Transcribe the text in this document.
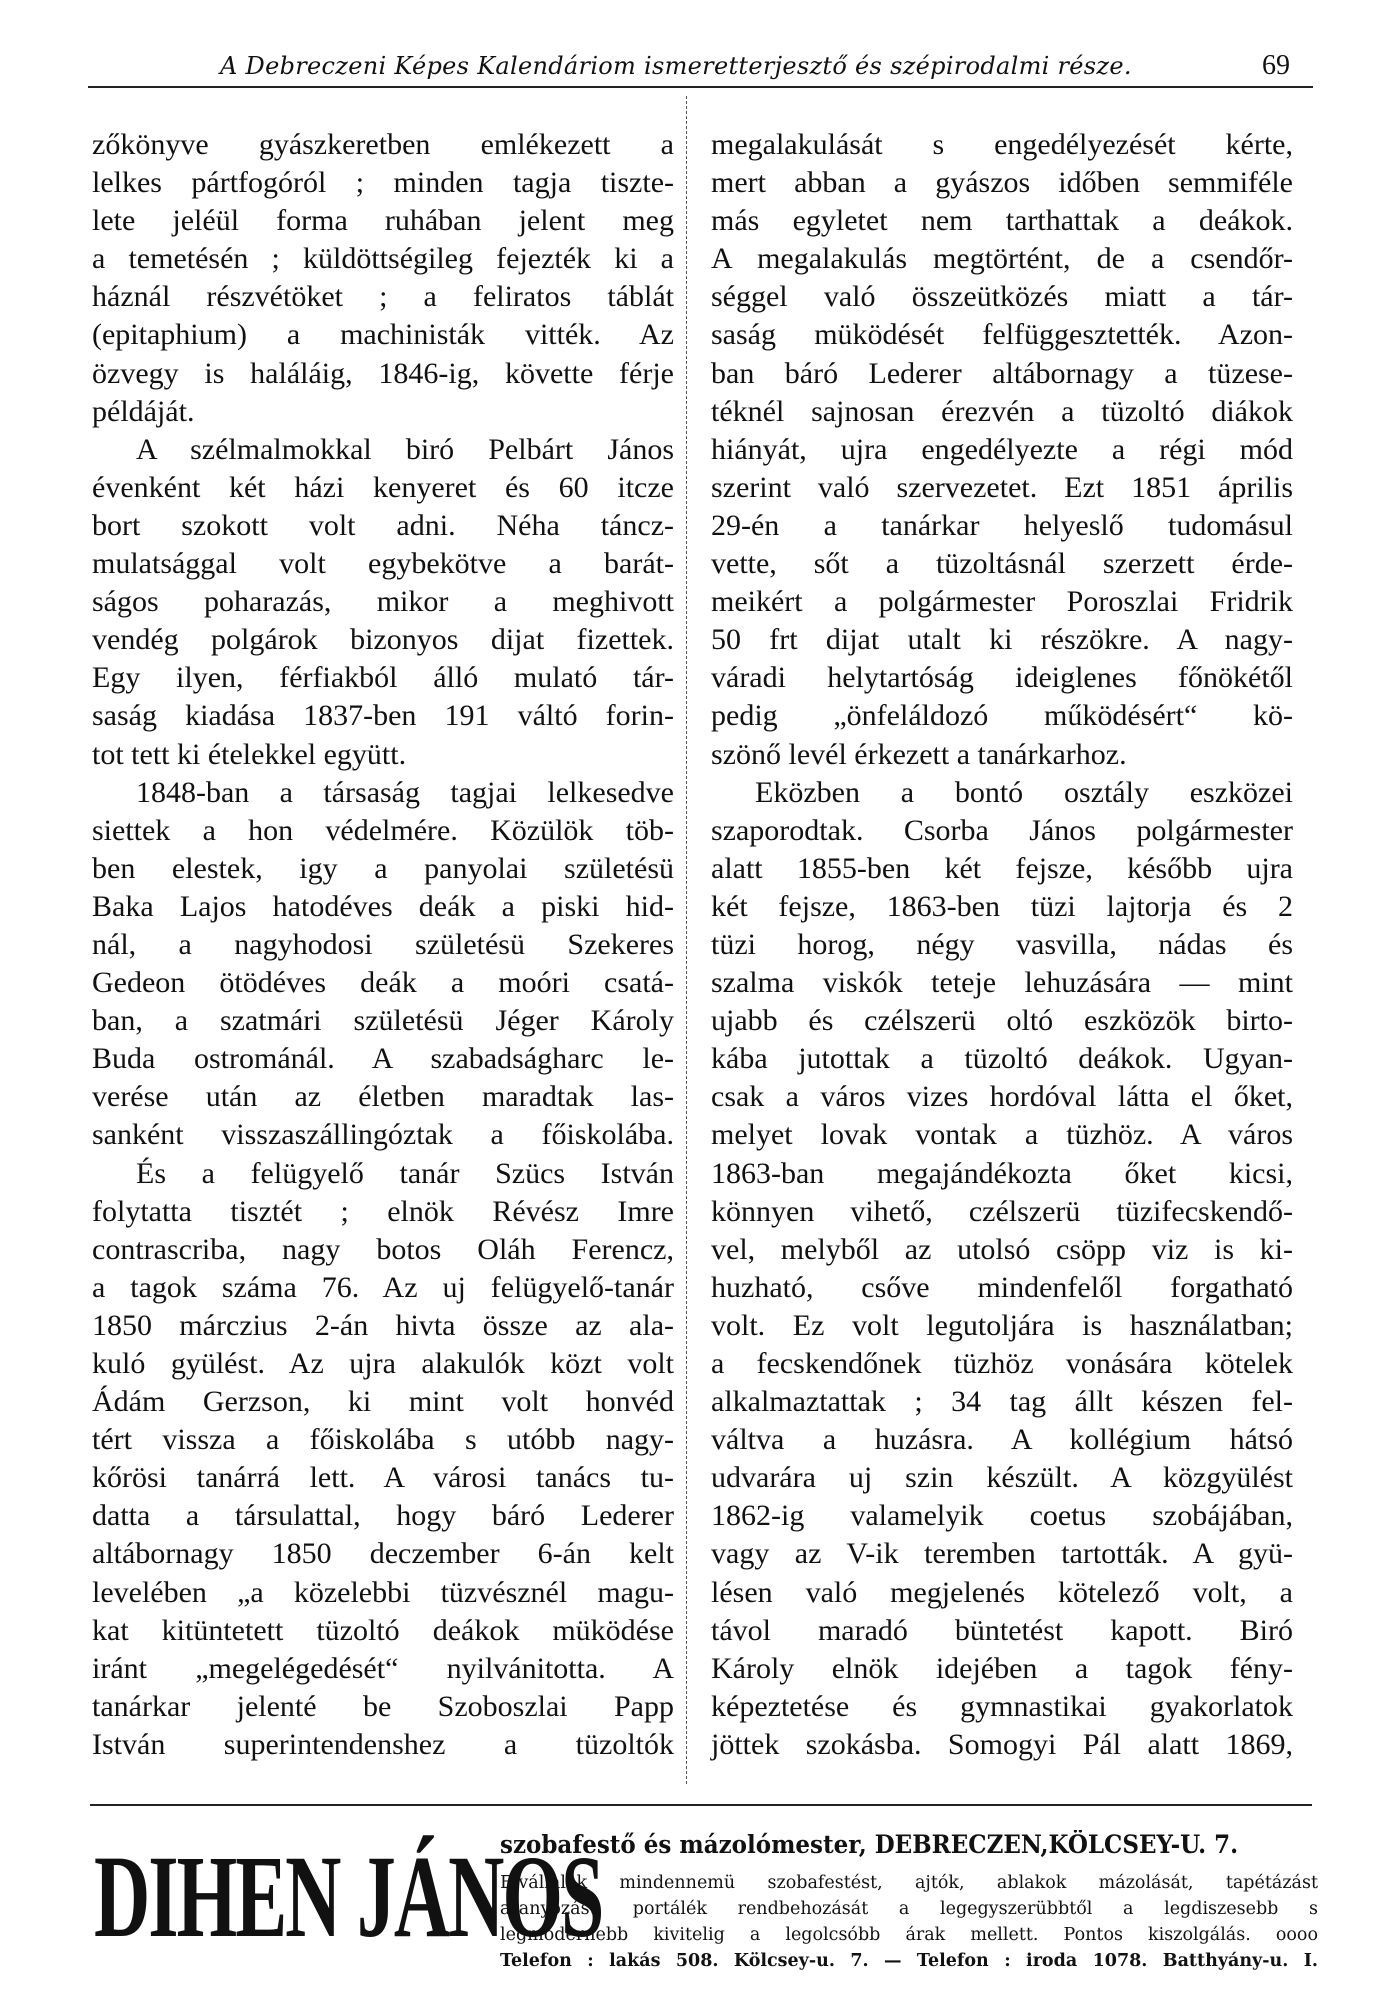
A Debreczeni Képes Kalendáriom ismeretterjesztő és szépirodalmi része.	69
zőkönyve gyászkeretben emlékezett a
lelkes pártfogóról ; minden tagja tiszte-
lete jeléül forma ruhában jelent meg
a temetésén ; küldöttségileg fejezték ki a
háznál részvétöket ; a feliratos táblát
(epitaphium) a machinisták vitték. Az
özvegy is haláláig, 1846-ig, követte férje
példáját.
A szélmalmokkal biró Pelbárt János
évenként két házi kenyeret és 60 itcze
bort szokott volt adni. Néha táncz-
mulatsággal volt egybekötve a barát-
ságos poharazás, mikor a meghivott
vendég polgárok bizonyos dijat fizettek.
Egy ilyen, férfiakból álló mulató tár-
saság kiadása 1837-ben 191 váltó forin-
tot tett ki ételekkel együtt.
1848-ban a társaság tagjai lelkesedve
siettek a hon védelmére. Közülök töb-
ben elestek, igy a panyolai születésü
Baka Lajos hatodéves deák a piski hid-
nál, a nagyhodosi születésü Szekeres
Gedeon ötödéves deák a moóri csatá-
ban, a szatmári születésü Jéger Károly
Buda ostrománál. A szabadságharc le-
verése után az életben maradtak las-
sanként visszaszállingóztak a főiskolába.
És a felügyelő tanár Szücs István
folytatta tisztét ; elnök Révész Imre
contrascriba, nagy botos Oláh Ferencz,
a tagok száma 76. Az uj felügyelő-tanár
1850 márczius 2-án hivta össze az ala-
kuló gyülést. Az ujra alakulók közt volt
Ádám Gerzson, ki mint volt honvéd
tért vissza a főiskolába s utóbb nagy-
kőrösi tanárrá lett. A városi tanács tu-
datta a társulattal, hogy báró Lederer
altábornagy 1850 deczember 6-án kelt
levelében „a közelebbi tüzvésznél magu-
kat kitüntetett tüzoltó deákok müködése
iránt „megelégedését“ nyilvánitotta. A
tanárkar jelenté be Szoboszlai Papp
István superintendenshez a tüzoltók
megalakulását s engedélyezését kérte,
mert abban a gyászos időben semmiféle
más egyletet nem tarthattak a deákok.
A megalakulás megtörtént, de a csendőr-
séggel való összeütközés miatt a tár-
saság müködését felfüggesztették. Azon-
ban báró Lederer altábornagy a tüzese-
téknél sajnosan érezvén a tüzoltó diákok
hiányát, ujra engedélyezte a régi mód
szerint való szervezetet. Ezt 1851 április
29-én a tanárkar helyeslő tudomásul
vette, sőt a tüzoltásnál szerzett érde-
meikért a polgármester Poroszlai Fridrik
50 frt dijat utalt ki részökre. A nagy-
váradi helytartóság ideiglenes főnökétől
pedig „önfeláldozó működésért“ kö-
szönő levél érkezett a tanárkarhoz.
Eközben a bontó osztály eszközei
szaporodtak. Csorba János polgármester
alatt 1855-ben két fejsze, később ujra
két fejsze, 1863-ben tüzi lajtorja és 2
tüzi horog, négy vasvilla, nádas és
szalma viskók teteje lehuzására — mint
ujabb és czélszerü oltó eszközök birto-
kába jutottak a tüzoltó deákok. Ugyan-
csak a város vizes hordóval látta el őket,
melyet lovak vontak a tüzhöz. A város
1863-ban megajándékozta őket kicsi,
könnyen vihető, czélszerü tüzifecskendő-
vel, melyből az utolsó csöpp viz is ki-
huzható, csőve mindenfelől forgatható
volt. Ez volt legutoljára is használatban;
a fecskendőnek tüzhöz vonására kötelek
alkalmaztattak ; 34 tag állt készen fel-
váltva a huzásra. A kollégium hátsó
udvarára uj szin készült. A közgyülést
1862-ig valamelyik coetus szobájában,
vagy az V-ik teremben tartották. A gyü-
lésen való megjelenés kötelező volt, a
távol maradó büntetést kapott. Biró
Károly elnök idejében a tagok fény-
képeztetése és gymnastikai gyakorlatok
jöttek szokásba. Somogyi Pál alatt 1869,
DIHEN JÁNOS
szobafestő és mázolómester, DEBRECZEN,KÖLCSEY-U. 7.
Elvállalok mindennemü szobafestést, ajtók, ablakok mázolását, tapétázást
aranyozást, portálék rendbehozását a legegyszerübbtől a legdiszesebb s
legmodernebb kivitelig a legolcsóbb árak mellett. Pontos kiszolgálás. oooo
Telefon : lakás 508. Kölcsey-u. 7. — Telefon : iroda 1078. Batthyány-u. I.
